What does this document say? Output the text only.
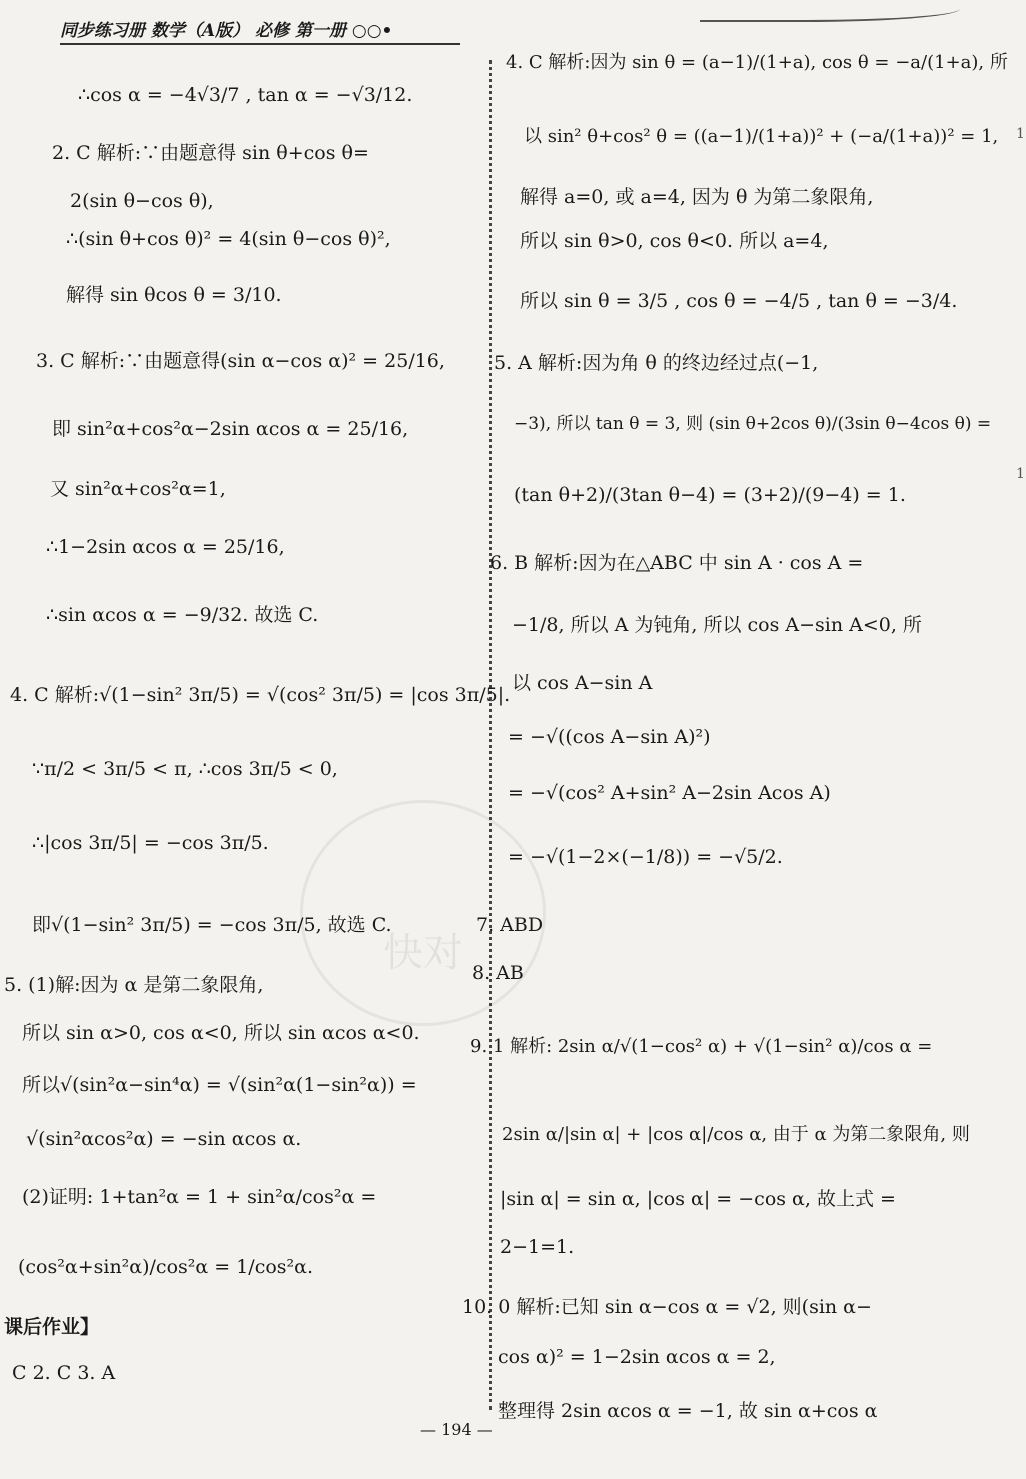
同步练习册 数学（A版） 必修 第一册 ○○•
快对
∴cos α = −4√3/7 , tan α = −√3/12.
2. C 解析:∵由题意得 sin θ+cos θ=
2(sin θ−cos θ),
∴(sin θ+cos θ)² = 4(sin θ−cos θ)²,
解得 sin θcos θ = 3/10.
3. C 解析:∵由题意得(sin α−cos α)² = 25/16,
即 sin²α+cos²α−2sin αcos α = 25/16,
又 sin²α+cos²α=1,
∴1−2sin αcos α = 25/16,
∴sin αcos α = −9/32. 故选 C.
4. C 解析:√(1−sin² 3π/5) = √(cos² 3π/5) = |cos 3π/5|.
∵π/2 < 3π/5 < π, ∴cos 3π/5 < 0,
∴|cos 3π/5| = −cos 3π/5.
即√(1−sin² 3π/5) = −cos 3π/5, 故选 C.
5. (1)解:因为 α 是第二象限角,
所以 sin α>0, cos α<0, 所以 sin αcos α<0.
所以√(sin²α−sin⁴α) = √(sin²α(1−sin²α)) =
√(sin²αcos²α) = −sin αcos α.
(2)证明: 1+tan²α = 1 + sin²α/cos²α =
(cos²α+sin²α)/cos²α = 1/cos²α.
课后作业】
C 2. C 3. A
4. C 解析:因为 sin θ = (a−1)/(1+a), cos θ = −a/(1+a), 所
以 sin² θ+cos² θ = ((a−1)/(1+a))² + (−a/(1+a))² = 1,
解得 a=0, 或 a=4, 因为 θ 为第二象限角,
所以 sin θ>0, cos θ<0. 所以 a=4,
所以 sin θ = 3/5 , cos θ = −4/5 , tan θ = −3/4.
5. A 解析:因为角 θ 的终边经过点(−1,
−3), 所以 tan θ = 3, 则 (sin θ+2cos θ)/(3sin θ−4cos θ) =
(tan θ+2)/(3tan θ−4) = (3+2)/(9−4) = 1.
6. B 解析:因为在△ABC 中 sin A · cos A =
−1/8, 所以 A 为钝角, 所以 cos A−sin A<0, 所
以 cos A−sin A
= −√((cos A−sin A)²)
= −√(cos² A+sin² A−2sin Acos A)
= −√(1−2×(−1/8)) = −√5/2.
7. ABD
8. AB
9. 1 解析: 2sin α/√(1−cos² α) + √(1−sin² α)/cos α =
2sin α/|sin α| + |cos α|/cos α, 由于 α 为第二象限角, 则
|sin α| = sin α, |cos α| = −cos α, 故上式 =
2−1=1.
10. 0 解析:已知 sin α−cos α = √2, 则(sin α−
cos α)² = 1−2sin αcos α = 2,
整理得 2sin αcos α = −1, 故 sin α+cos α
1
1
— 194 —
